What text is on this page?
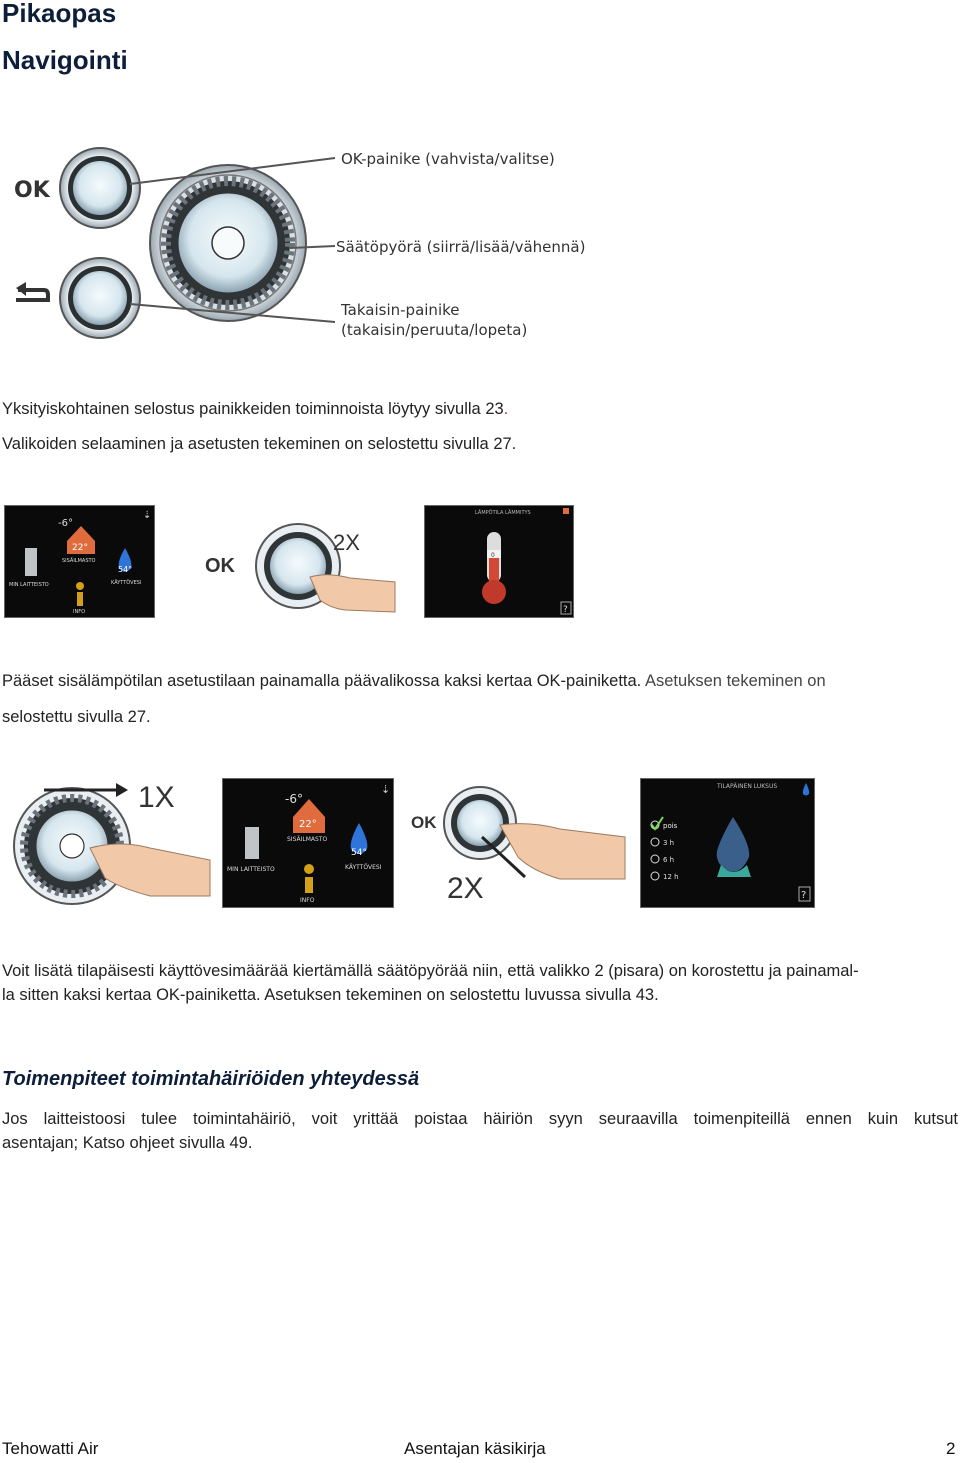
Pikaopas
Navigointi
OK
OK-painike (vahvista/valitse)
Säätöpyörä (siirrä/lisää/vähennä)
Takaisin-painike
(takaisin/peruuta/lopeta)
Yksityiskohtainen selostus painikkeiden toiminnoista löytyy sivulla 23.
Valikoiden selaaminen ja asetusten tekeminen on selostettu sivulla 27.
-6°
22°
SISÄILMASTO
MIN LAITTEISTO
54°
KÄYTTÖVESI
INFO
⇣
OK
2X
LÄMPÖTILA LÄMMITYS
0
?
Pääset sisälämpötilan asetustilaan painamalla päävalikossa kaksi kertaa OK-painiketta. Asetuksen tekeminen on
selostettu sivulla 27.
1X	-6°
22°
SISÄILMASTO
MIN LAITTEISTO
54°
KÄYTTÖVESI
INFO
⇣
OK
2X
TILAPÄINEN LUKSUS
pois
3 h
6 h
12 h
?
Voit lisätä tilapäisesti käyttövesimäärää kiertämällä säätöpyörää niin, että valikko 2 (pisara) on korostettu ja painamal-
la sitten kaksi kertaa OK-painiketta. Asetuksen tekeminen on selostettu luvussa sivulla 43.
Toimenpiteet toimintahäiriöiden yhteydessä
Jos laitteistoosi tulee toimintahäiriö, voit yrittää poistaa häiriön syyn seuraavilla toimenpiteillä ennen kuin kutsut
asentajan; Katso ohjeet sivulla 49.
Tehowatti Air	Asentajan käsikirja	2
